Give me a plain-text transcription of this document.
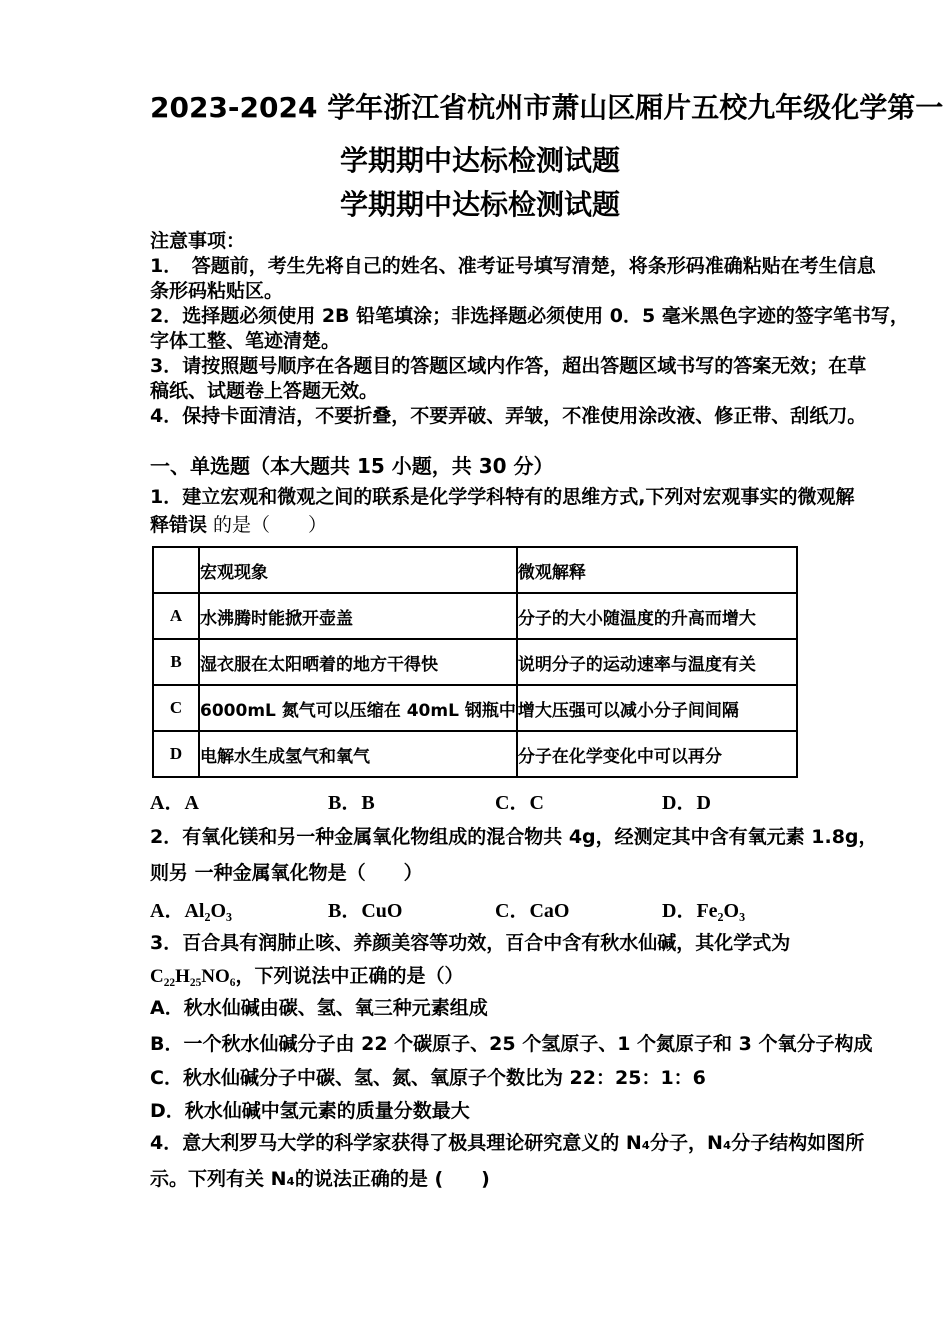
2023-2024 学年浙江省杭州市萧山区厢片五校九年级化学第一

学期期中达标检测试题

学期期中达标检测试题

注意事项：

1．　答题前，考生先将自己的姓名、准考证号填写清楚，将条形码准确粘贴在考生信息

条形码粘贴区。

2．选择题必须使用 2B 铅笔填涂；非选择题必须使用 0．5 毫米黑色字迹的签字笔书写，

字体工整、笔迹清楚。

3．请按照题号顺序在各题目的答题区域内作答，超出答题区域书写的答案无效；在草

稿纸、试题卷上答题无效。

4．保持卡面清洁，不要折叠，不要弄破、弄皱，不准使用涂改液、修正带、刮纸刀。

一、单选题（本大题共 15 小题，共 30 分）

1．建立宏观和微观之间的联系是化学学科特有的思维方式,下列对宏观事实的微观解

释错误 的是（　　）

	宏观现象	微观解释
A	水沸腾时能掀开壶盖	分子的大小随温度的升高而增大
B	湿衣服在太阳晒着的地方干得快	说明分子的运动速率与温度有关
C	6000mL 氮气可以压缩在 40mL 钢瓶中	增大压强可以减小分子间间隔
D	电解水生成氢气和氧气	分子在化学变化中可以再分
A．A	B．B	C．C	D．D

2．有氧化镁和另一种金属氧化物组成的混合物共 4g，经测定其中含有氧元素 1.8g，

则另 一种金属氧化物是（　　）

A．Al₂O₃	B．CuO	C．CaO	D．Fe₂O₃

3．百合具有润肺止咳、养颜美容等功效，百合中含有秋水仙碱，其化学式为

C₂₂H₂₅NO₆，下列说法中正确的是（）

A．秋水仙碱由碳、氢、氧三种元素组成

B．一个秋水仙碱分子由 22 个碳原子、25 个氢原子、1 个氮原子和 3 个氧分子构成

C．秋水仙碱分子中碳、氢、氮、氧原子个数比为 22：25：1：6

D．秋水仙碱中氢元素的质量分数最大

4．意大利罗马大学的科学家获得了极具理论研究意义的 N₄分子，N₄分子结构如图所

示。下列有关 N₄的说法正确的是 (　　)
